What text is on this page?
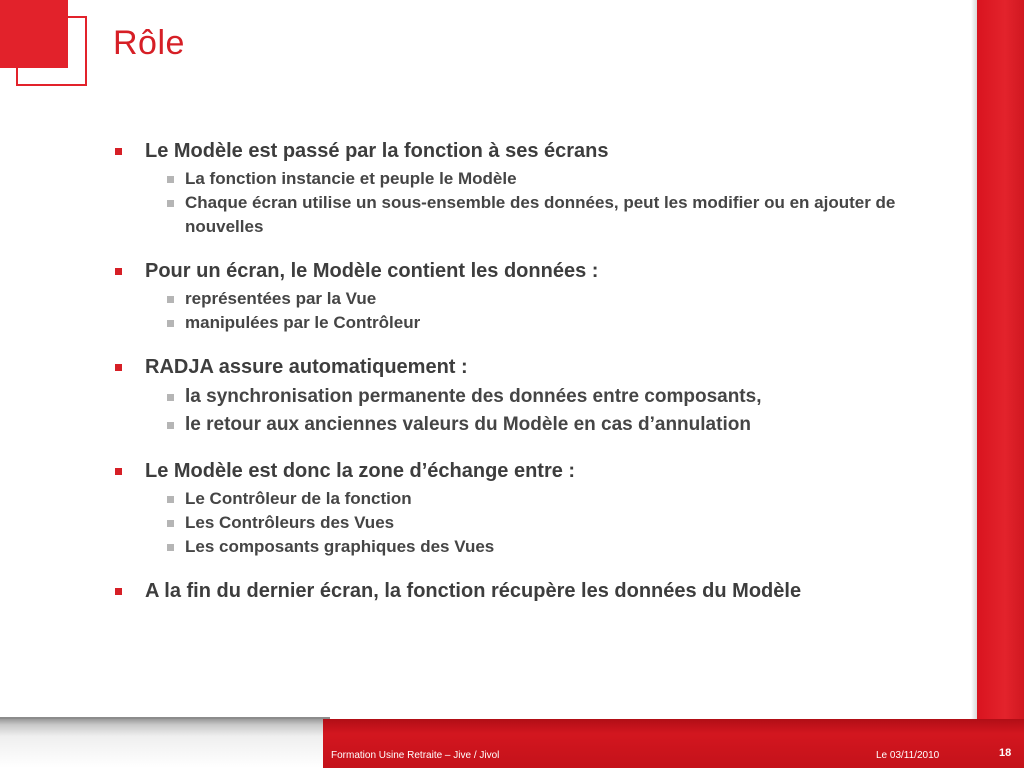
Rôle
Le Modèle est passé par la fonction à ses écrans
La fonction instancie et peuple le Modèle
Chaque écran utilise un sous-ensemble des données, peut les modifier ou en ajouter de nouvelles
Pour un écran, le Modèle contient les données :
représentées par la Vue
manipulées par le Contrôleur
RADJA assure automatiquement :
la synchronisation permanente des données entre composants,
le retour aux anciennes valeurs du Modèle en cas d’annulation
Le Modèle est donc la zone d’échange entre :
Le Contrôleur de la fonction
Les Contrôleurs des Vues
Les composants graphiques des Vues
A la fin du dernier écran, la fonction récupère les données du Modèle
Formation Usine Retraite – Jive / Jivol	Le 03/11/2010	18
